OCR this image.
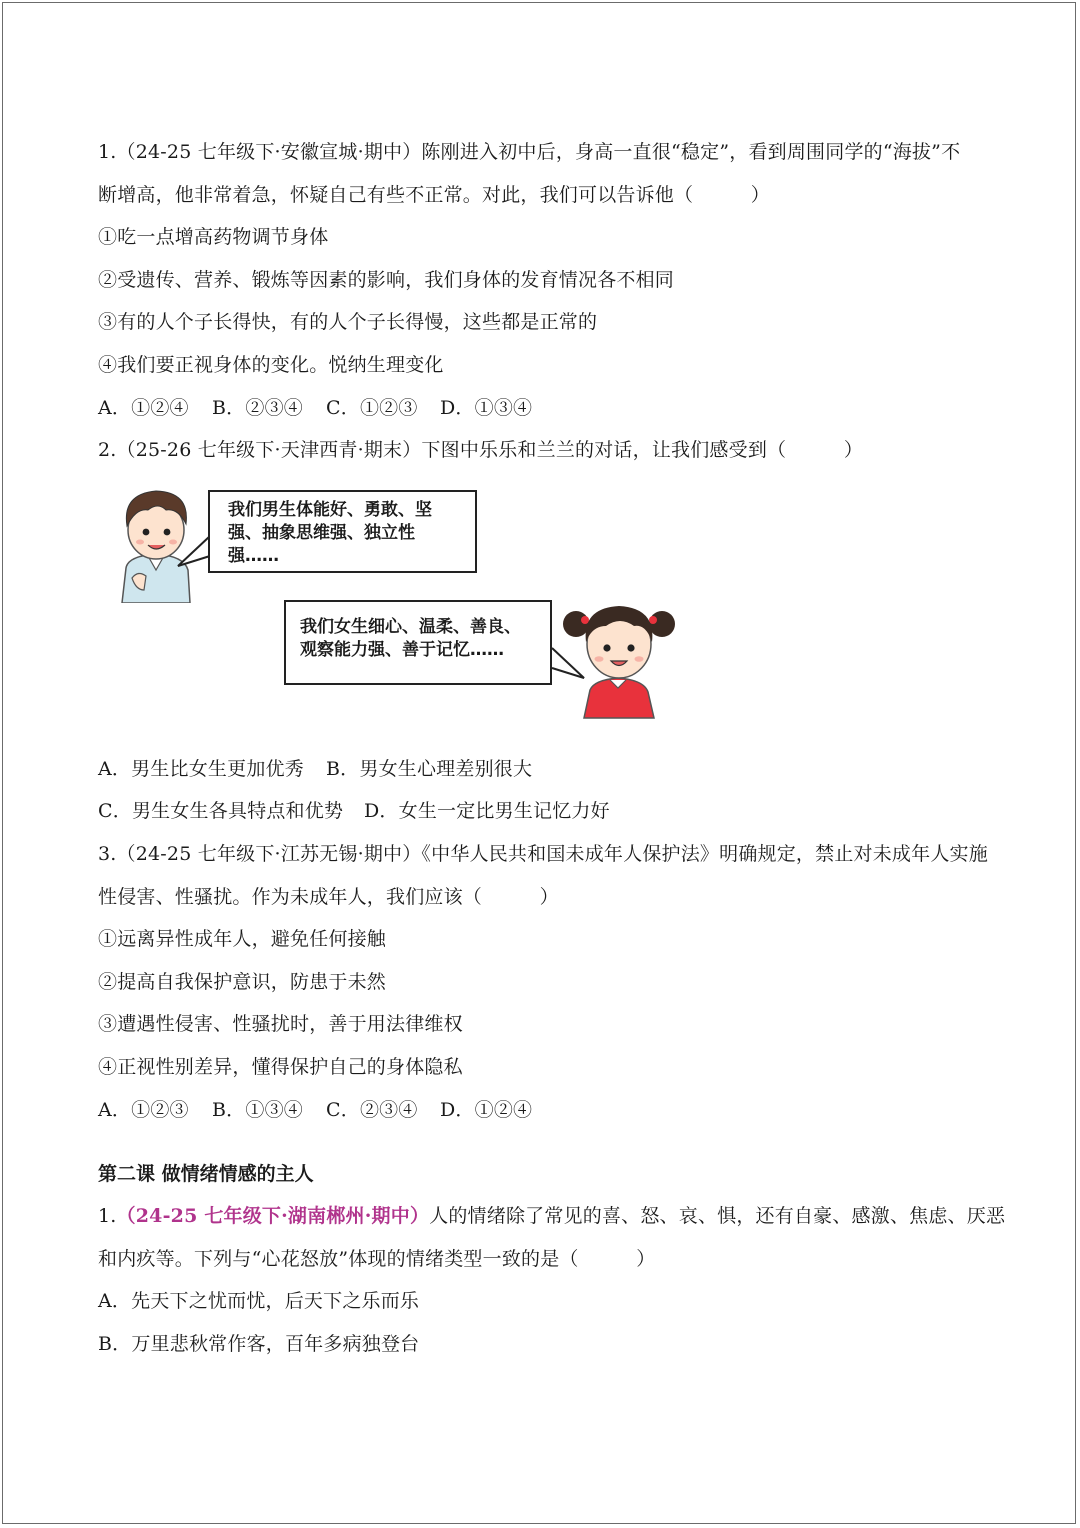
1.（24-25 七年级下·安徽宣城·期中）陈刚进入初中后，身高一直很“稳定”，看到周围同学的“海拔”不
断增高，他非常着急，怀疑自己有些不正常。对此，我们可以告诉他（　　　）
①吃一点增高药物调节身体
②受遗传、营养、锻炼等因素的影响，我们身体的发育情况各不相同
③有的人个子长得快，有的人个子长得慢，这些都是正常的
④我们要正视身体的变化。悦纳生理变化
A．①②④ B．②③④ C．①②③ D．①③④
2.（25-26 七年级下·天津西青·期末）下图中乐乐和兰兰的对话，让我们感受到（　　　）
我们男生体能好、勇敢、坚
强、抽象思维强、独立性
强……
我们女生细心、温柔、善良、
观察能力强、善于记忆……
A．男生比女生更加优秀 B．男女生心理差别很大
C．男生女生各具特点和优势 D．女生一定比男生记忆力好
3.（24-25 七年级下·江苏无锡·期中）《中华人民共和国未成年人保护法》明确规定，禁止对未成年人实施
性侵害、性骚扰。作为未成年人，我们应该（　　　）
①远离异性成年人，避免任何接触
②提高自我保护意识，防患于未然
③遭遇性侵害、性骚扰时，善于用法律维权
④正视性别差异，懂得保护自己的身体隐私
A．①②③ B．①③④ C．②③④ D．①②④
第二课 做情绪情感的主人
1.（24-25 七年级下·湖南郴州·期中）人的情绪除了常见的喜、怒、哀、惧，还有自豪、感激、焦虑、厌恶
和内疚等。下列与“心花怒放”体现的情绪类型一致的是（　　　）
A．先天下之忧而忧，后天下之乐而乐
B．万里悲秋常作客，百年多病独登台
